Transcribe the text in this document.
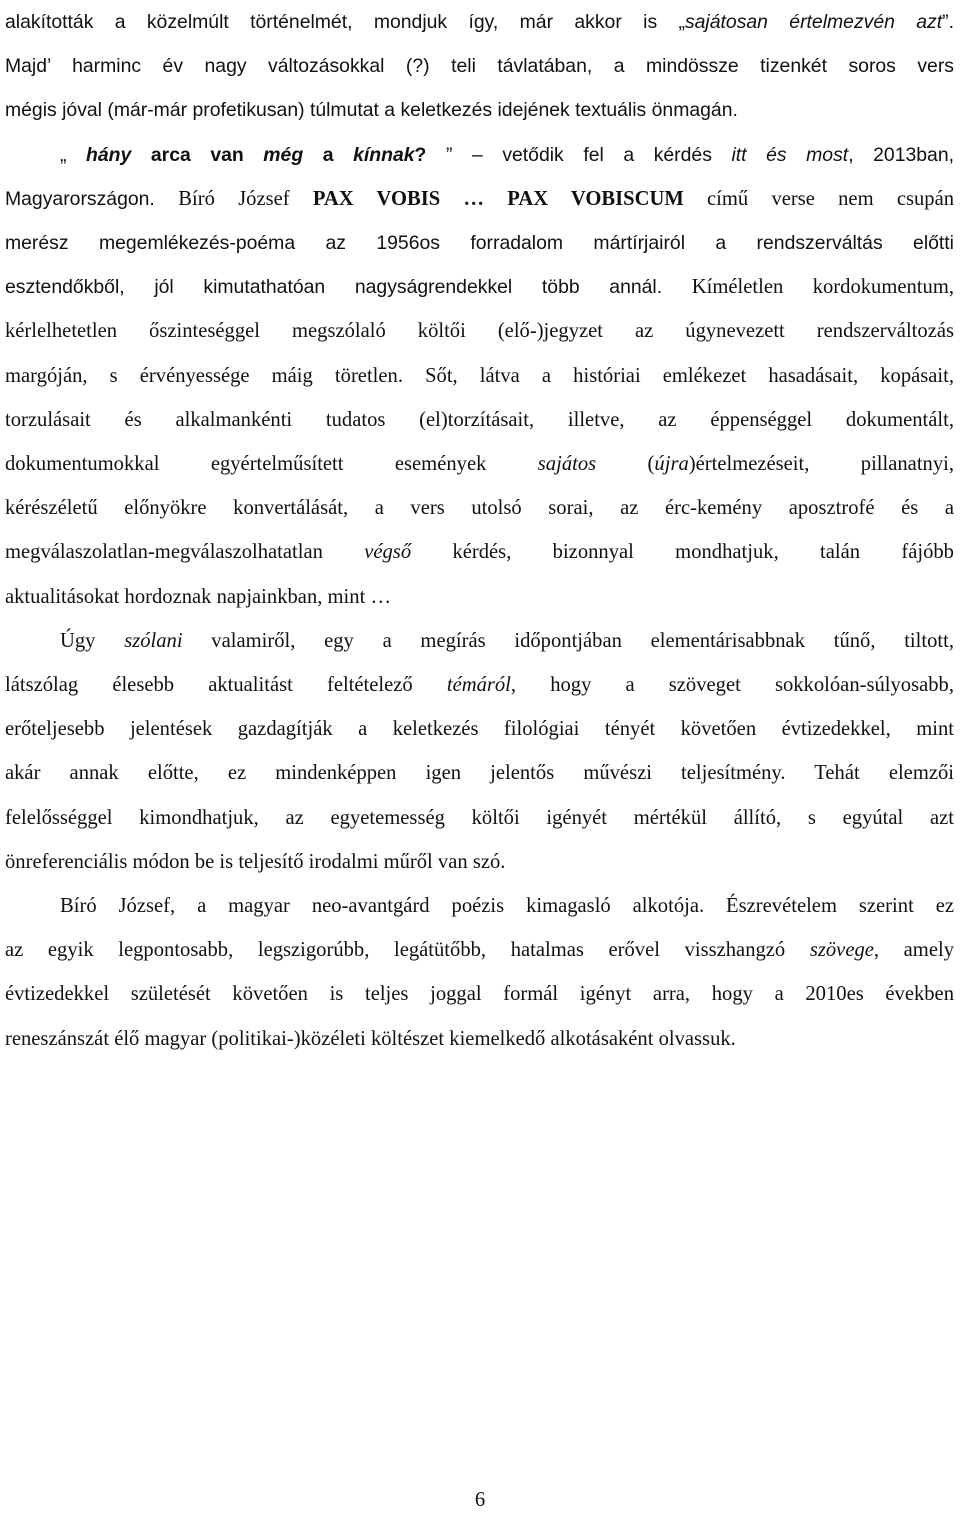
alakították a közelmúlt történelmét, mondjuk így, már akkor is „sajátosan értelmezvén azt”.
Majd’ harminc év nagy változásokkal (?) teli távlatában, a mindössze tizenkét soros vers
mégis jóval (már-már profetikusan) túlmutat a keletkezés idejének textuális önmagán.
„ hány arca van még a kínnak? ” – vetődik fel a kérdés itt és most, 2013ban,
Magyarországon. Bíró József PAX VOBIS … PAX VOBISCUM című verse nem csupán
merész megemlékezés-poéma az 1956os forradalom mártírjairól a rendszerváltás előtti
esztendőkből, jól kimutathatóan nagyságrendekkel több annál. Kíméletlen kordokumentum,
kérlelhetetlen őszinteséggel megszólaló költői (elő-)jegyzet az úgynevezett rendszerváltozás
margóján, s érvényessége máig töretlen. Sőt, látva a históriai emlékezet hasadásait, kopásait,
torzulásait és alkalmankénti tudatos (el)torzításait, illetve, az éppenséggel dokumentált,
dokumentumokkal egyértelműsített események sajátos (újra)értelmezéseit, pillanatnyi,
kérészéletű előnyökre konvertálását, a vers utolsó sorai, az érc-kemény aposztrofé és a
megválaszolatlan-megválaszolhatatlan végső kérdés, bizonnyal mondhatjuk, talán fájóbb
aktualitásokat hordoznak napjainkban, mint …
Úgy szólani valamiről, egy a megírás időpontjában elementárisabbnak tűnő, tiltott,
látszólag élesebb aktualitást feltételező témáról, hogy a szöveget sokkolóan-súlyosabb,
erőteljesebb jelentések gazdagítják a keletkezés filológiai tényét követően évtizedekkel, mint
akár annak előtte, ez mindenképpen igen jelentős művészi teljesítmény. Tehát elemzői
felelősséggel kimondhatjuk, az egyetemesség költői igényét mértékül állító, s egyútal azt
önreferenciális módon be is teljesítő irodalmi műről van szó.
Bíró József, a magyar neo-avantgárd poézis kimagasló alkotója. Észrevételem szerint ez
az egyik legpontosabb, legszigorúbb, legátütőbb, hatalmas erővel visszhangzó szövege, amely
évtizedekkel születését követően is teljes joggal formál igényt arra, hogy a 2010es években
reneszánszát élő magyar (politikai-)közéleti költészet kiemelkedő alkotásaként olvassuk.
6
